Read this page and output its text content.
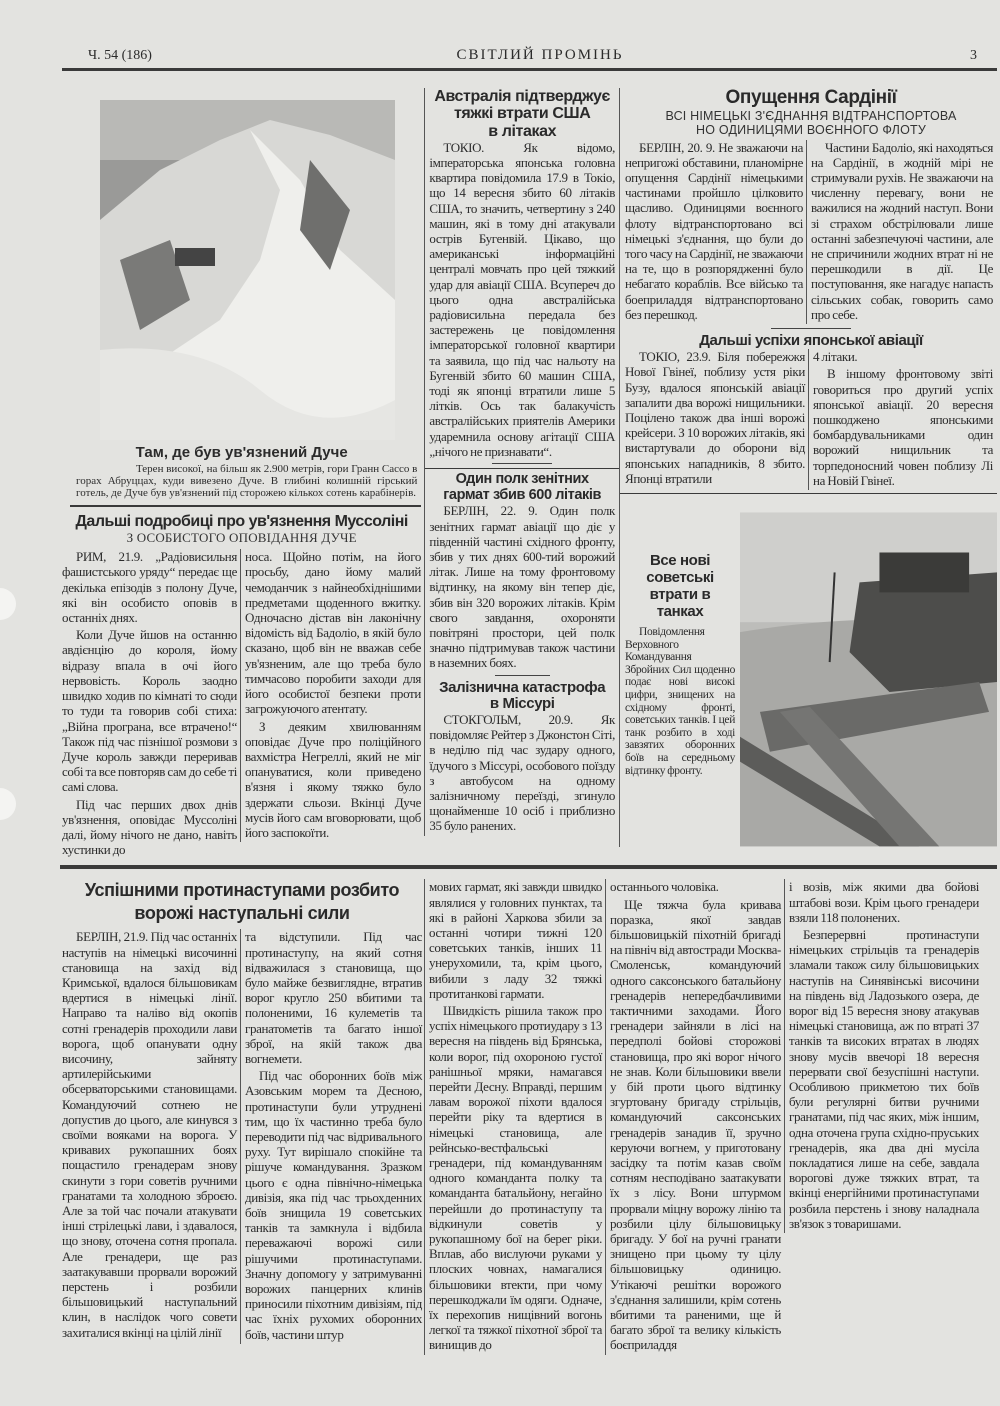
Ч. 54 (186)	СВІТЛИЙ ПРОМІНЬ	3
Там, де був ув'язнений Дуче
Терен високої, на більш як 2.900 метрів, гори Гранн Сассо в горах Абруццах, куди вивезено Дуче. В глибині колишній гірський готель, де Дуче був ув'язнений під сторожею кількох сотень карабінерів.
Дальші подробиці про ув'язнення Муссоліні
З ОСОБИСТОГО ОПОВІДАННЯ ДУЧЕ

РИМ, 21.9. „Радіовисильня фашистського уряду“ передає ще декілька епізодів з полону Дуче, які він особисто оповів в останніх днях.

Коли Дуче йшов на останню авдієнцію до короля, йому відразу впала в очі його нервовість. Король заодно швидко ходив по кімнаті то сюди то туди та говорив собі стиха: „Війна програна, все втрачено!“ Також під час пізнішої розмови з Дуче король завжди переривав собі та все повторяв сам до себе ті самі слова.

Під час перших двох днів ув'язнення, оповідає Муссоліні далі, йому нічого не дано, навіть хустинки до

носа. Щойно потім, на його просьбу, дано йому малий чемоданчик з найнеобхіднішими предметами щоденного вжитку. Одночасно дістав він лаконічну відомість від Бадоліо, в якій було сказано, щоб він не вважав себе ув'язненим, але що треба було тимчасово поробити заходи для його особистої безпеки проти загрожуючого атентату.

З деяким хвилюванням оповідає Дуче про поліційного вахмістра Негреллі, який не міг опануватися, коли приведено в'язня і якому тяжко було здержати сльози. Вкінці Дуче мусів його сам вговорювати, щоб його заспокоїти.

Австралія підтверджує
тяжкі втрати США
в літаках

ТОКІО. Як відомо, імператорська японська головна квартира повідомила 17.9 в Токіо, що 14 вересня збито 60 літаків США, то значить, четвертину з 240 машин, які в тому дні атакували острів Бугенвій. Цікаво, що американські інформаційні централі мовчать про цей тяжкий удар для авіації США. Всупереч до цього одна австралійська радіовисильна передала без застережень це повідомлення імператорської головної квартири та заявила, що під час нальоту на Бугенвій збито 60 машин США, тоді як японці втратили лише 5 літків. Ось так балакучість австралійських приятелів Америки ударемнила основу агітації США „нічого не признавати“.

Один полк зенітних
гармат збив 600 літаків

БЕРЛІН, 22. 9. Один полк зенітних гармат авіації що діє у південній частині східного фронту, збив у тих днях 600-тий ворожий літак. Лише на тому фронтовому відтинку, на якому він тепер діє, збив він 320 ворожих літаків. Крім свого завдання, охороняти повітряні простори, цей полк значно підтримував також частини в наземних боях.

Залізнична катастрофа
в Міссурі

СТОКГОЛЬМ, 20.9. Як повідомляє Рейтер з Джонстон Сіті, в неділю під час зудару одного, їдучого з Міссурі, особового поїзду з автобусом на одному залізничному переїзді, згинуло щонайменше 10 осіб і приблизно 35 було ранених.

Опущення Сардінії
ВСІ НІМЕЦЬКІ З'ЄДНАННЯ ВІДТРАНСПОРТОВА
НО ОДИНИЦЯМИ ВОЄННОГО ФЛОТУ

БЕРЛІН, 20. 9. Не зважаючи на непригожі обставини, планомірне опущення Сардінії німецькими частинами пройшло цілковито щасливо. Одиницями воєнного флоту відтранспортовано всі німецькі з'єднання, що були до того часу на Сардінії, не зважаючи на те, що в розпорядженні було небагато кораблів. Все військо та боеприладдя відтранспортовано без перешкод.

Частини Бадоліо, які находяться на Сардінії, в жодній мірі не стримували рухів. Не зважаючи на численну перевагу, вони не важилися на жодний наступ. Вони зі страхом обстрілювали лише останні забезпечуючі частини, але не спричинили жодних втрат ні не перешкодили в дії. Це поступовання, яке нагадує напасть сільських собак, говорить само про себе.

Дальші успіхи японської авіації

ТОКІО, 23.9. Біля побережжя Нової Гвінеї, поблизу устя ріки Бузу, вдалося японській авіації запалити два ворожі нищильники. Поцілено також два інші ворожі крейсери. З 10 ворожих літаків, які вистартували до оборони від японських нападників, 8 збито. Японці втратили

4 літаки.

В іншому фронтовому звіті говориться про другий успіх японської авіації. 20 вересня пошкоджено японськими бомбардувальниками один ворожий нищильник та торпедоносний човен поблизу Лі на Новій Гвінеї.

Все нові
советські
втрати в
танках

Повідомлення Верховного Командування Збройних Сил щоденно подає нові високі цифри, знищених на східному фронті, советських танків. І цей танк розбито в ході завзятих оборонних боїв на середньому відтинку фронту.

Успішними протинаступами розбито
ворожі наступальні сили

БЕРЛІН, 21.9. Під час останніх наступів на німецькі височинні становища на захід від Кримської, вдалося більшовикам вдертися в німецькі лінії. Направо та наліво від окопів сотні гренадерів проходили лави ворога, щоб опанувати одну височину, зайняту артилерійськими обсерваторськими становищами. Командуючий сотнею не допустив до цього, але кинувся з своїми вояками на ворога. У кривавих рукопашних боях пощастило гренадерам знову скинути з гори советів ручними гранатами та холодною зброєю. Але за той час почали атакувати інші стрілецькі лави, і здавалося, що знову, оточена сотня пропала. Але гренадери, ще раз заатакувавши прорвали ворожий перстень і розбили більшовицький наступальний клин, в наслідок чого совети захиталися вкінці на цілій лінії

та відступили. Під час протинаступу, на який сотня відважилася з становища, що було майже безвиглядне, втратив ворог кругло 250 вбитими та полоненими, 16 кулеметів та гранатометів та багато іншої зброї, на якій також два вогнемети.

Під час оборонних боїв між Азовським морем та Десною, протинаступи були утруднені тим, що їх частинно треба було переводити під час відривального руху. Тут вирішало спокійне та рішуче командування. Зразком цього є одна північно-німецька дивізія, яка під час трьохденних боїв знищила 19 советських танків та замкнула і відбила переважаючі ворожі сили рішучими протинаступами. Значну допомогу у затримуванні ворожих панцерних клинів приносили піхотним дивізіям, під час їхніх рухомих оборонних боїв, частини штур

мових гармат, які завжди швидко являлися у головних пунктах, та які в районі Харкова збили за останні чотири тижні 120 советських танків, інших 11 унерухомили, та, крім цього, вибили з ладу 32 тяжкі протитанкові гармати.

Швидкість рішила також про успіх німецького протиудару з 13 вересня на південь від Брянська, коли ворог, під охороною густої ранішньої мряки, намагався перейти Десну. Вправді, першим лавам ворожої піхоти вдалося перейти ріку та вдертися в німецькі становища, але рейнсько-вестфальські гренадери, під командуванням одного команданта полку та команданта батальйону, негайно перейшли до протинаступу та відкинули советів у рукопашному бої на берег ріки. Вплав, або вислуючи руками у плоских човнах, намагалися більшовики втекти, при чому перешкоджали їм одяги. Одначе, їх перехопив нищівний вогонь легкої та тяжкої піхотної зброї та винищив до

останнього чоловіка.

Ще тяжча була кривава поразка, якої завдав більшовицькій піхотній бригаді на північ від автостради Москва-Смоленськ, командуючий одного саксонського батальйону гренадерів непередбачливими тактичними заходами. Його гренадери зайняли в лісі на передполі бойові сторожові становища, про які ворог нічого не знав. Коли більшовики ввели у бій проти цього відтинку згуртовану бригаду стрільців, командуючий саксонських гренадерів занадив її, зручно керуючи вогнем, у приготовану засідку та потім казав своїм сотням несподівано заатакувати їх з лісу. Вони штурмом прорвали міцну ворожу лінію та розбили цілу більшовицьку бригаду. У бої на ручні гранати знищено при цьому ту цілу більшовицьку одиницю. Утікаючі решітки ворожого з'єднання залишили, крім сотень вбитими та раненими, ще й багато зброї та велику кількість боєприладдя

і возів, між якими два бойові штабові вози. Крім цього гренадери взяли 118 полонених.

Безперервні протинаступи німецьких стрільців та гренадерів зламали також силу більшовицьких наступів на Синявінські височини на південь від Ладозького озера, де ворог від 15 вересня знову атакував німецькі становища, аж по втраті 37 танків та високих втратах в людях знову мусів ввечорі 18 вересня перервати свої безуспішні наступи. Особливою прикметою тих боїв були регулярні битви ручними гранатами, під час яких, між іншим, одна оточена група східно-пруських гренадерів, яка два дні мусіла покладатися лише на себе, завдала ворогові дуже тяжких втрат, та вкінці енергійними протинаступами розбила перстень і знову наладнала зв'язок з товаришами.
